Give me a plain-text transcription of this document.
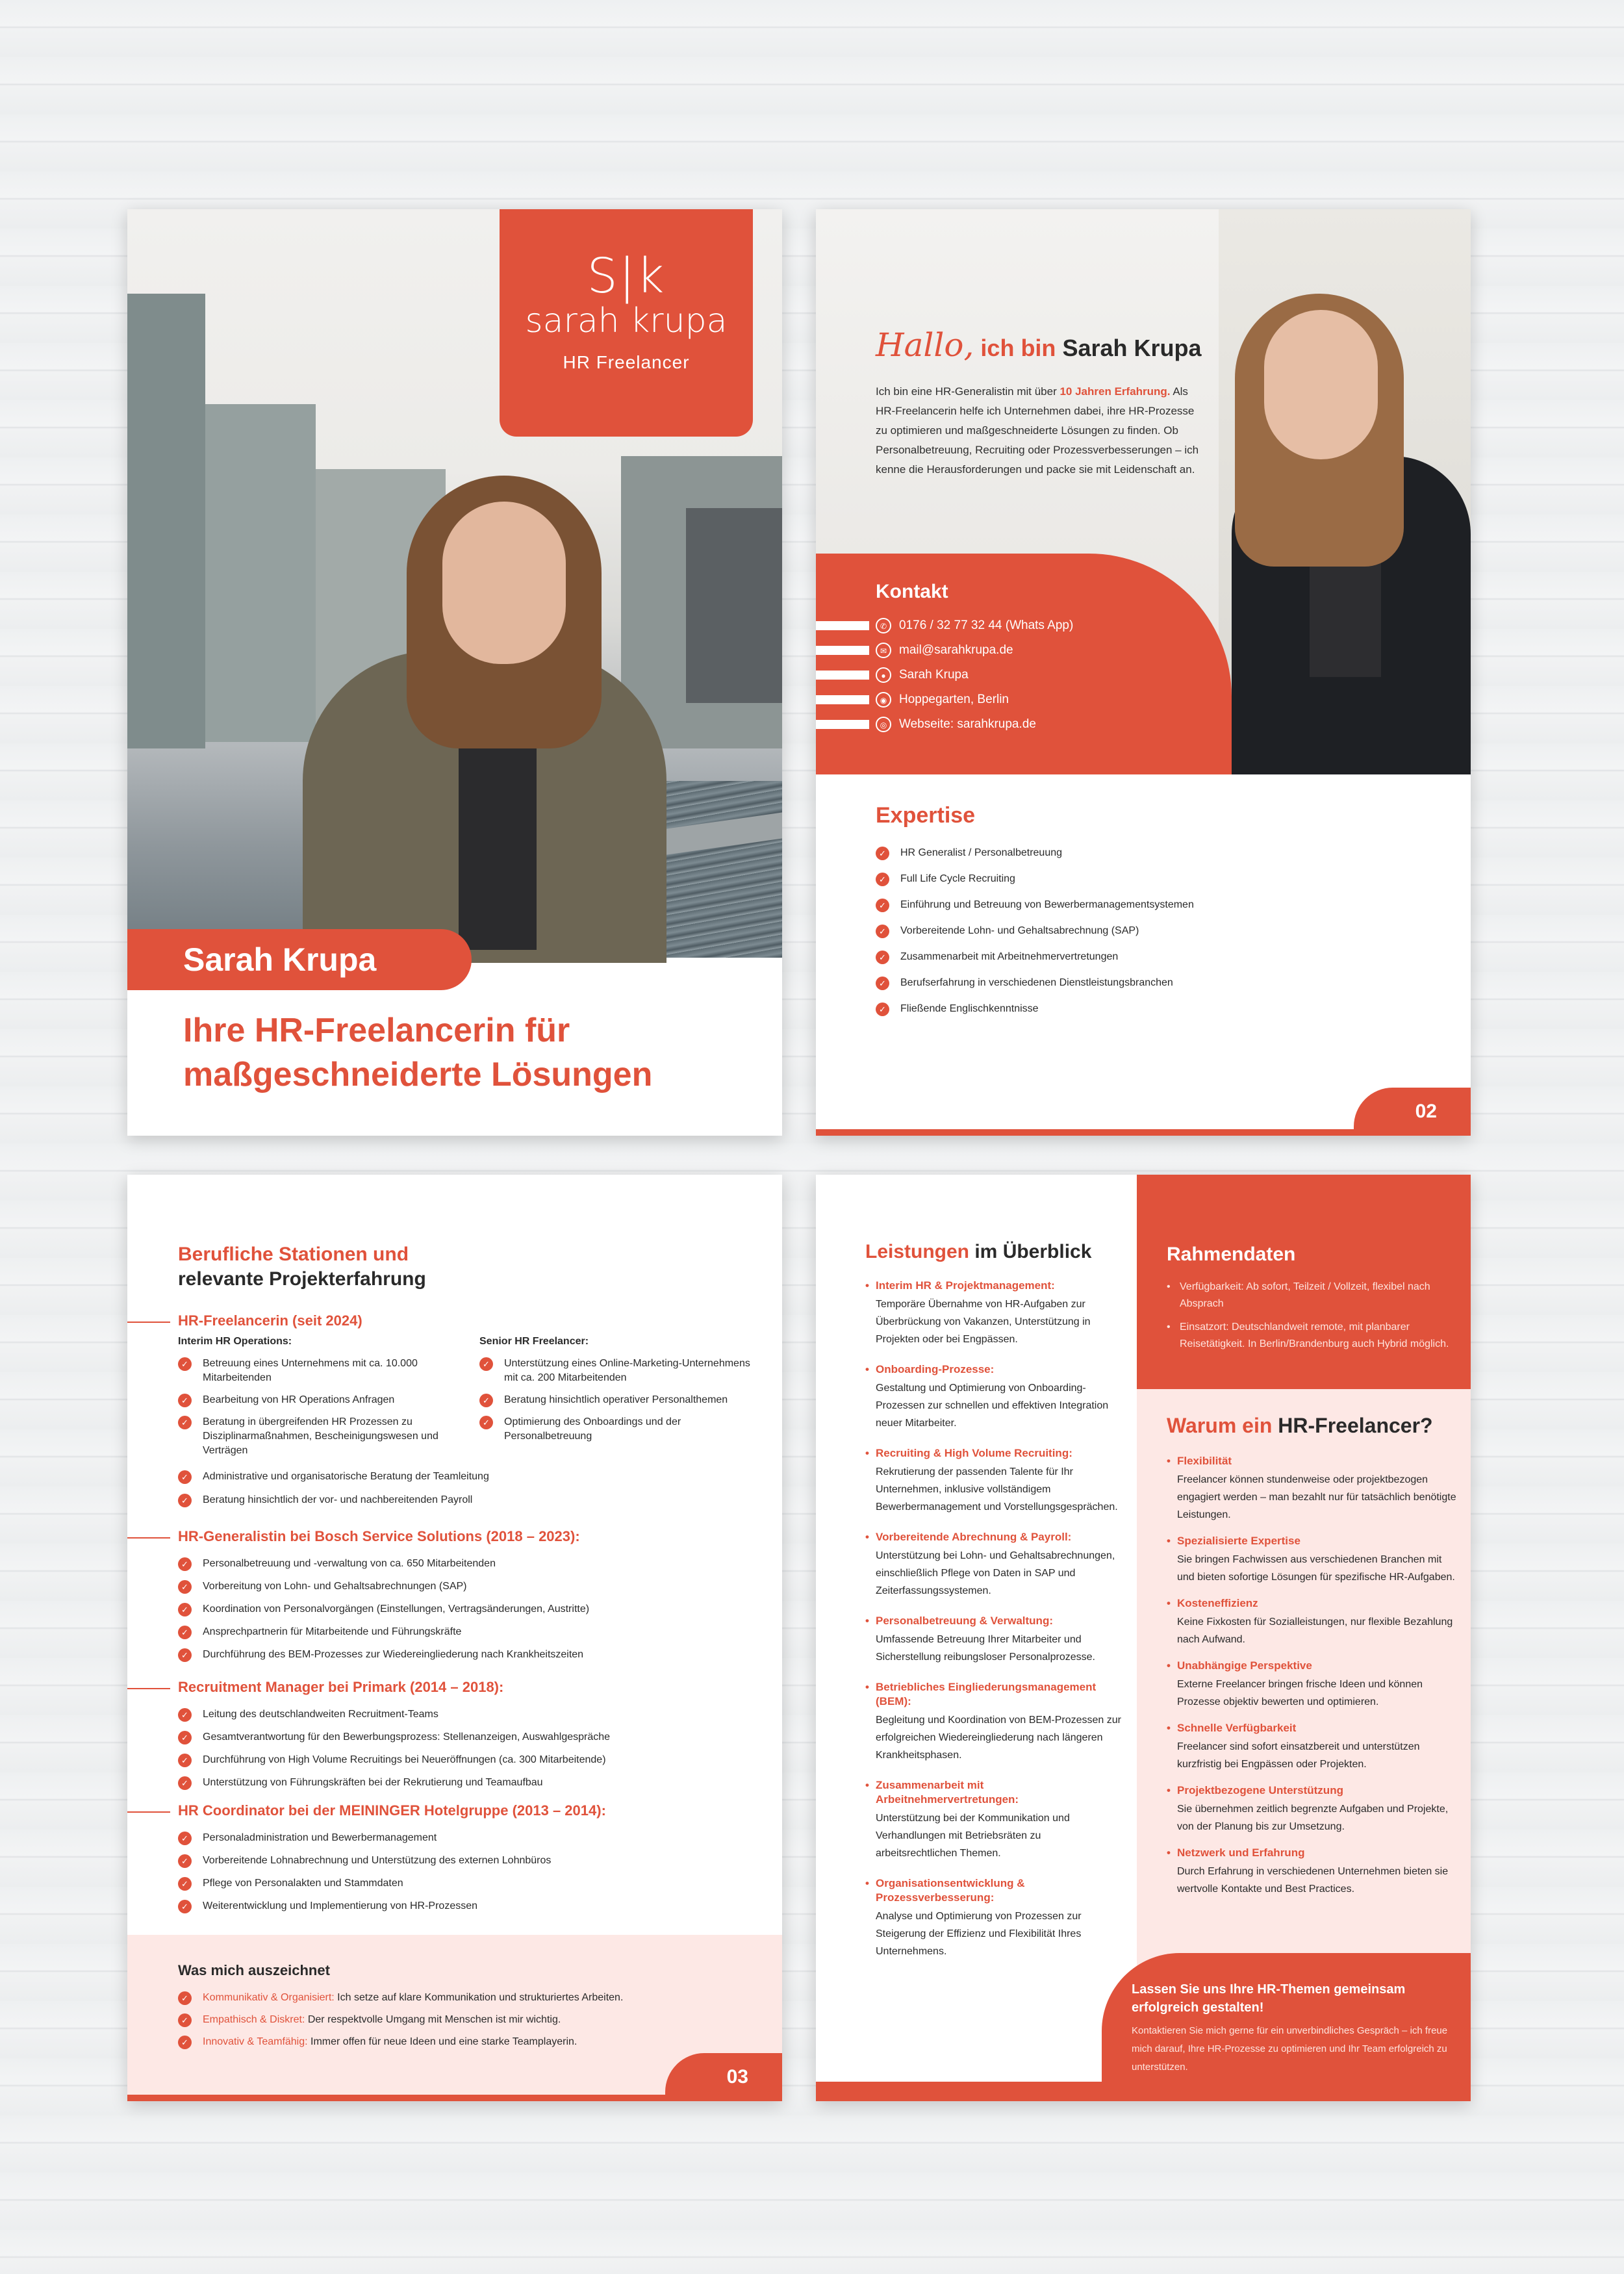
S|k
sarah krupa
HR Freelancer
Sarah Krupa
Ihre HR-Freelancerin für
maßgeschneiderte Lösungen
Hallo, ich bin Sarah Krupa
Ich bin eine HR-Generalistin mit über 10 Jahren Erfahrung. Als HR-Freelancerin helfe ich Unternehmen dabei, ihre HR-Prozesse zu optimieren und maßgeschneiderte Lösungen zu finden. Ob Personalbetreuung, Recruiting oder Prozessverbesserungen – ich kenne die Herausforderungen und packe sie mit Leidenschaft an.
Kontakt
✆ 0176 / 32 77 32 44 (Whats App)
✉ mail@sarahkrupa.de
● Sarah Krupa
◉ Hoppegarten, Berlin
◎ Webseite: sarahkrupa.de
Expertise
✓	HR Generalist / Personalbetreuung
✓	Full Life Cycle Recruiting
✓	Einführung und Betreuung von Bewerbermanagementsystemen
✓	Vorbereitende Lohn- und Gehaltsabrechnung (SAP)
✓	Zusammenarbeit mit Arbeitnehmervertretungen
✓	Berufserfahrung in verschiedenen Dienstleistungsbranchen
✓	Fließende Englischkenntnisse
02
Berufliche Stationen und
relevante Projekterfahrung
HR-Freelancerin (seit 2024)
Interim HR Operations:	Senior HR Freelancer:
✓	Betreuung eines Unternehmens mit ca. 10.000 Mitarbeitenden
✓	Bearbeitung von HR Operations Anfragen
✓	Beratung in übergreifenden HR Prozessen zu Disziplinarmaßnahmen, Bescheinigungswesen und Verträgen
✓	Unterstützung eines Online-Marketing-Unternehmens mit ca. 200 Mitarbeitenden
✓	Beratung hinsichtlich operativer Personalthemen
✓	Optimierung des Onboardings und der Personalbetreuung
✓	Administrative und organisatorische Beratung der Teamleitung
✓	Beratung hinsichtlich der vor- und nachbereitenden Payroll
HR-Generalistin bei Bosch Service Solutions (2018 – 2023):
✓	Personalbetreuung und -verwaltung von ca. 650 Mitarbeitenden
✓	Vorbereitung von Lohn- und Gehaltsabrechnungen (SAP)
✓	Koordination von Personalvorgängen (Einstellungen, Vertragsänderungen, Austritte)
✓	Ansprechpartnerin für Mitarbeitende und Führungskräfte
✓	Durchführung des BEM-Prozesses zur Wiedereingliederung nach Krankheitszeiten
Recruitment Manager bei Primark (2014 – 2018):
✓	Leitung des deutschlandweiten Recruitment-Teams
✓	Gesamtverantwortung für den Bewerbungsprozess: Stellenanzeigen, Auswahlgespräche
✓	Durchführung von High Volume Recruitings bei Neueröffnungen (ca. 300 Mitarbeitende)
✓	Unterstützung von Führungskräften bei der Rekrutierung und Teamaufbau
HR Coordinator bei der MEININGER Hotelgruppe (2013 – 2014):
✓	Personaladministration und Bewerbermanagement
✓	Vorbereitende Lohnabrechnung und Unterstützung des externen Lohnbüros
✓	Pflege von Personalakten und Stammdaten
✓	Weiterentwicklung und Implementierung von HR-Prozessen
Was mich auszeichnet
✓	Kommunikativ & Organisiert: Ich setze auf klare Kommunikation und strukturiertes Arbeiten.
✓	Empathisch & Diskret: Der respektvolle Umgang mit Menschen ist mir wichtig.
✓	Innovativ & Teamfähig: Immer offen für neue Ideen und eine starke Teamplayerin.
03
Leistungen im Überblick
• Interim HR & Projektmanagement:
Temporäre Übernahme von HR-Aufgaben zur Überbrückung von Vakanzen, Unterstützung in Projekten oder bei Engpässen.
• Onboarding-Prozesse:
Gestaltung und Optimierung von Onboarding-Prozessen zur schnellen und effektiven Integration neuer Mitarbeiter.
• Recruiting & High Volume Recruiting:
Rekrutierung der passenden Talente für Ihr Unternehmen, inklusive vollständigem Bewerbermanagement und Vorstellungsgesprächen.
• Vorbereitende Abrechnung & Payroll:
Unterstützung bei Lohn- und Gehaltsabrechnungen, einschließlich Pflege von Daten in SAP und Zeiterfassungssystemen.
• Personalbetreuung & Verwaltung:
Umfassende Betreuung Ihrer Mitarbeiter und Sicherstellung reibungsloser Personalprozesse.
• Betriebliches Eingliederungsmanagement (BEM):
Begleitung und Koordination von BEM-Prozessen zur erfolgreichen Wiedereingliederung nach längeren Krankheitsphasen.
• Zusammenarbeit mit Arbeitnehmervertretungen:
Unterstützung bei der Kommunikation und Verhandlungen mit Betriebsräten zu arbeitsrechtlichen Themen.
• Organisationsentwicklung & Prozessverbesserung:
Analyse und Optimierung von Prozessen zur Steigerung der Effizienz und Flexibilität Ihres Unternehmens.
Rahmendaten
• Verfügbarkeit: Ab sofort, Teilzeit / Vollzeit, flexibel nach Absprach
• Einsatzort: Deutschlandweit remote, mit planbarer Reisetätigkeit. In Berlin/Brandenburg auch Hybrid möglich.
Warum ein HR-Freelancer?
• Flexibilität
Freelancer können stundenweise oder projektbezogen engagiert werden – man bezahlt nur für tatsächlich benötigte Leistungen.
• Spezialisierte Expertise
Sie bringen Fachwissen aus verschiedenen Branchen mit und bieten sofortige Lösungen für spezifische HR-Aufgaben.
• Kosteneffizienz
Keine Fixkosten für Sozialleistungen, nur flexible Bezahlung nach Aufwand.
• Unabhängige Perspektive
Externe Freelancer bringen frische Ideen und können Prozesse objektiv bewerten und optimieren.
• Schnelle Verfügbarkeit
Freelancer sind sofort einsatzbereit und unterstützen kurzfristig bei Engpässen oder Projekten.
• Projektbezogene Unterstützung
Sie übernehmen zeitlich begrenzte Aufgaben und Projekte, von der Planung bis zur Umsetzung.
• Netzwerk und Erfahrung
Durch Erfahrung in verschiedenen Unternehmen bieten sie wertvolle Kontakte und Best Practices.
Lassen Sie uns Ihre HR-Themen gemeinsam erfolgreich gestalten!
Kontaktieren Sie mich gerne für ein unverbindliches Gespräch – ich freue mich darauf, Ihre HR-Prozesse zu optimieren und Ihr Team erfolgreich zu unterstützen.
